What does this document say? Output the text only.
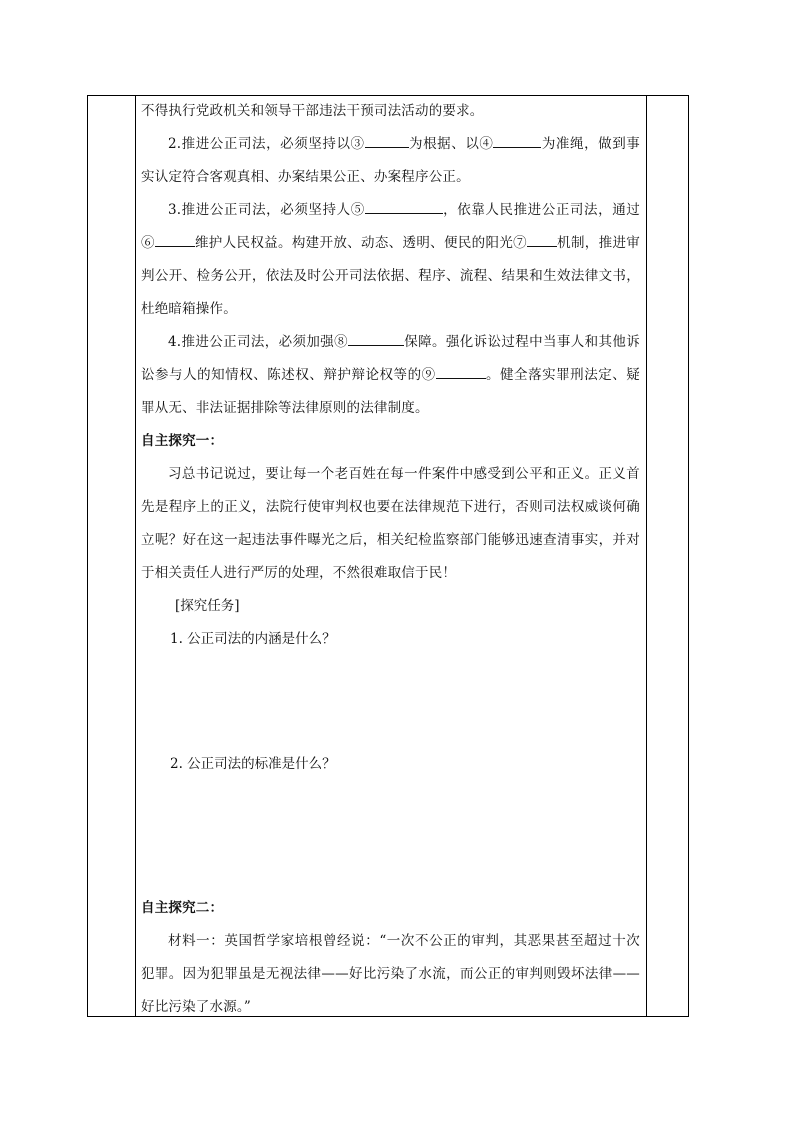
不得执行党政机关和领导干部违法干预司法活动的要求。

2.推进公正司法，必须坚持以③	为根据、以④	为准绳，做到事实认定符合客观真相、办案结果公正、办案程序公正。

3.推进公正司法，必须坚持人⑤	，依靠人民推进公正司法，通过⑥	维护人民权益。构建开放、动态、透明、便民的阳光⑦ 机制，推进审判公开、检务公开，依法及时公开司法依据、程序、流程、结果和生效法律文书，杜绝暗箱操作。

4.推进公正司法，必须加强⑧	保障。强化诉讼过程中当事人和其他诉讼参与人的知情权、陈述权、辩护辩论权等的⑨	。健全落实罪刑法定、疑罪从无、非法证据排除等法律原则的法律制度。

自主探究一：

习总书记说过，要让每一个老百姓在每一件案件中感受到公平和正义。正义首先是程序上的正义，法院行使审判权也要在法律规范下进行，否则司法权威谈何确立呢？好在这一起违法事件曝光之后，相关纪检监察部门能够迅速查清事实，并对于相关责任人进行严厉的处理，不然很难取信于民！

[探究任务]

1. 公正司法的内涵是什么？

2. 公正司法的标准是什么？

自主探究二：

材料一：英国哲学家培根曾经说：“一次不公正的审判，其恶果甚至超过十次犯罪。因为犯罪虽是无视法律——好比污染了水流，而公正的审判则毁坏法律——好比污染了水源。”
